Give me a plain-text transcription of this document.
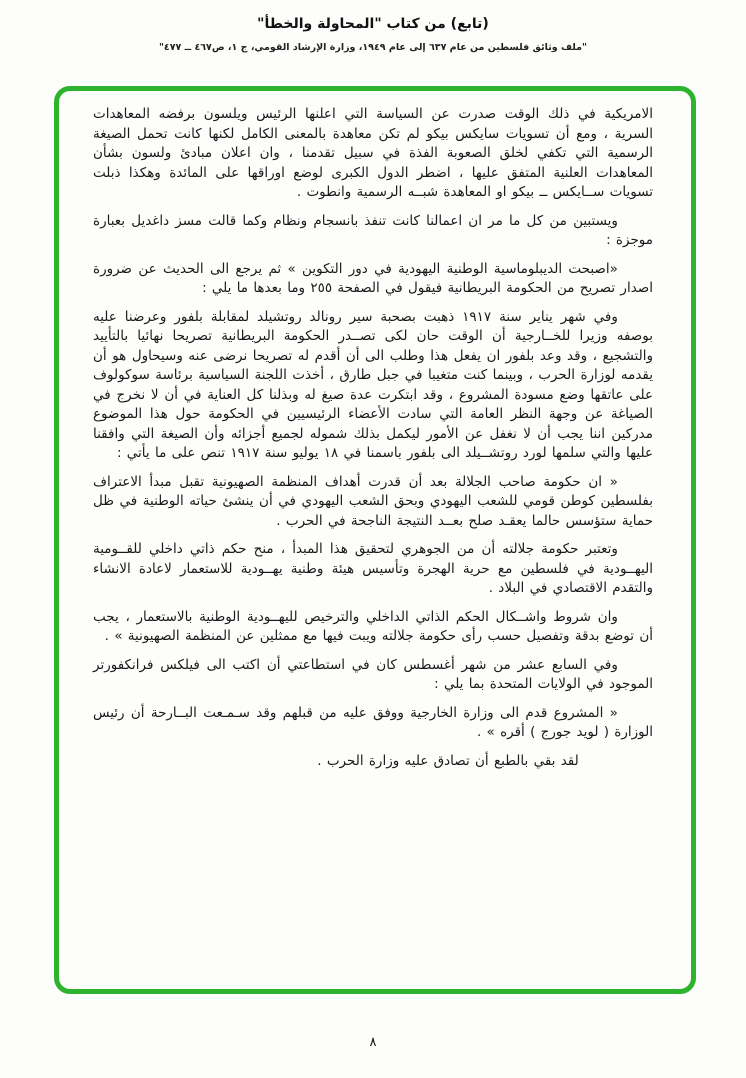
(تابع) من كتاب "المحاولة والخطأ"
"ملف وثائق فلسطين من عام ٦٣٧ إلى عام ١٩٤٩، وزارة الإرشاد القومي، ج ١، ص٤٦٧ ــ ٤٧٧"

الامريكية في ذلك الوقت صدرت عن السياسة التي اعلنها الرئيس ويلسون برفضه المعاهدات السرية ، ومع أن تسويات سايكس بيكو لم تكن معاهدة بالمعنى الكامل لكنها كانت تحمل الصيغة الرسمية التي تكفي لخلق الصعوبة الفذة في سبيل تقدمنا ، وان اعلان مبادئ ولسون بشأن المعاهدات العلنية المتفق عليها ، اضطر الدول الكبرى لوضع اوراقها على المائدة وهكذا ذبلت تسويات ســايكس ــ بيكو او المعاهدة شبــه الرسمية وانطوت .

ويستبين من كل ما مر ان اعمالنا كانت تنفذ بانسجام ونظام وكما قالت مسز داغديل بعبارة موجزة :

«اصبحت الديبلوماسية الوطنية اليهودية في دور التكوين » ثم يرجع الى الحديث عن ضرورة اصدار تصريح من الحكومة البريطانية فيقول في الصفحة ٢٥٥ وما بعدها ما يلي :

وفي شهر يناير سنة ١٩١٧ ذهبت بصحبة سير رونالد روتشيلد لمقابلة بلفور وعرضنا عليه بوصفه وزيرا للخــارجية أن الوقت حان لكى تصــدر الحكومة البريطانية تصريحا نهائيا بالتأييد والتشجيع ، وقد وعد بلفور ان يفعل هذا وطلب الى أن أقدم له تصريحا نرضى عنه وسيحاول هو أن يقدمه لوزارة الحرب ، وبينما كنت متغيبا في جبل طارق ، أخذت اللجنة السياسية برئاسة سوكولوف على عاتقها وضع مسودة المشروع ، وقد ابتكرت عدة صيغ له وبذلنا كل العناية في أن لا نخرج في الصياغة عن وجهة النظر العامة التي سادت الأعضاء الرئيسيين في الحكومة حول هذا الموضوع مدركين اننا يجب أن لا نغفل عن الأمور ليكمل بذلك شموله لجميع أجزائه وأن الصيغة التي وافقنا عليها والتي سلمها لورد روتشــيلد الى بلفور باسمنا في ١٨ يوليو سنة ١٩١٧ تنص على ما يأتي :

« ان حكومة صاحب الجلالة بعد أن قدرت أهداف المنظمة الصهيونية تقبل مبدأ الاعتراف بفلسطين كوطن قومي للشعب اليهودي وبحق الشعب اليهودي في أن ينشئ حياته الوطنية في ظل حماية ستؤسس حالما يعقـد صلح بعــد النتيجة الناجحة في الحرب .

وتعتبر حكومة جلالته أن من الجوهري لتحقيق هذا المبدأ ، منح حكم ذاتي داخلي للقــومية اليهــودية في فلسطين مع حرية الهجرة وتأسيس هيئة وطنية يهــودية للاستعمار لاعادة الانشاء والتقدم الاقتصادي في البلاد .

وان شروط واشــكال الحكم الذاتي الداخلي والترخيص لليهــودية الوطنية بالاستعمار ، يجب أن توضع بدقة وتفصيل حسب رأى حكومة جلالته ويبت فيها مع ممثلين عن المنظمة الصهيونية » .

وفي السابع عشر من شهر أغسطس كان في استطاعتي أن اكتب الى فيلكس فرانكفورتر الموجود في الولايات المتحدة بما يلي :

« المشروع قدم الى وزارة الخارجية ووفق عليه من قبلهم وقد سـمـعت البــارحة أن رئيس الوزارة ( لويد جورج ) أقره » .

لقد بقي بالطبع أن تصادق عليه وزارة الحرب .

٨
